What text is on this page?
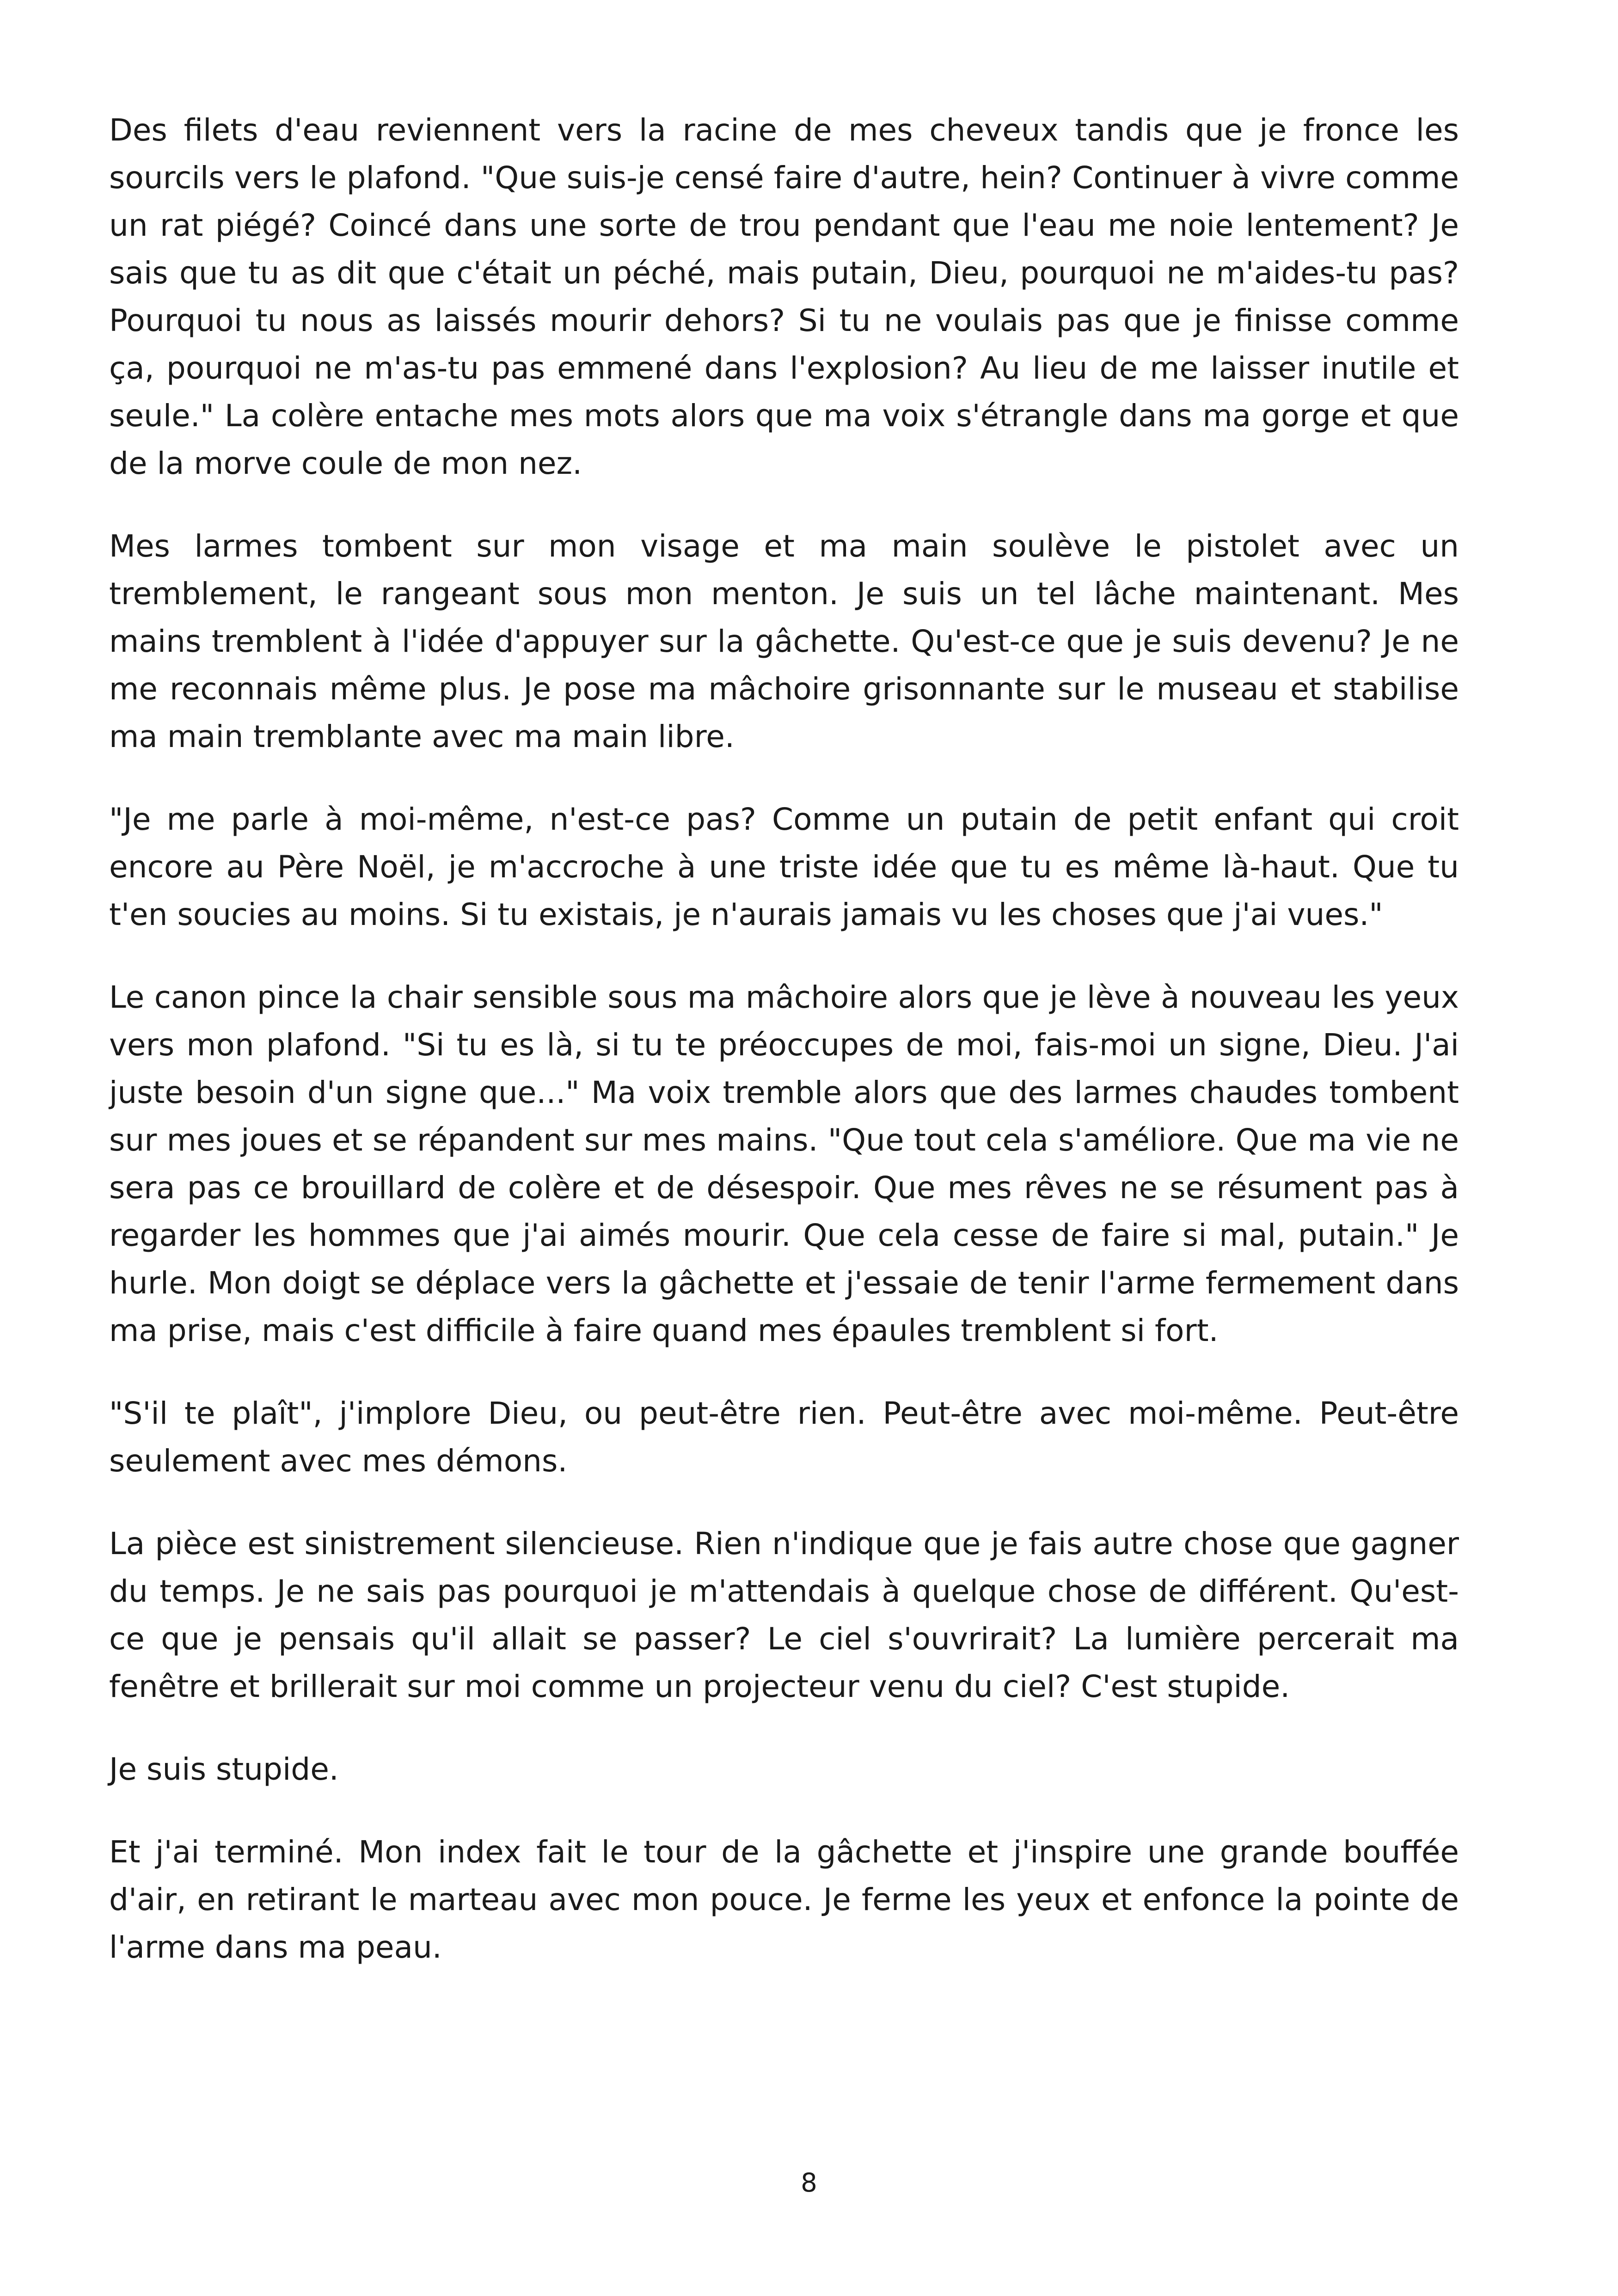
Des filets d'eau reviennent vers la racine de mes cheveux tandis que je fronce les sourcils vers le plafond. "Que suis-je censé faire d'autre, hein? Continuer à vivre comme un rat piégé? Coincé dans une sorte de trou pendant que l'eau me noie lentement? Je sais que tu as dit que c'était un péché, mais putain, Dieu, pourquoi ne m'aides-tu pas? Pourquoi tu nous as laissés mourir dehors? Si tu ne voulais pas que je finisse comme ça, pourquoi ne m'as-tu pas emmené dans l'explosion? Au lieu de me laisser inutile et seule." La colère entache mes mots alors que ma voix s'étrangle dans ma gorge et que de la morve coule de mon nez.

Mes larmes tombent sur mon visage et ma main soulève le pistolet avec un tremblement, le rangeant sous mon menton. Je suis un tel lâche maintenant. Mes mains tremblent à l'idée d'appuyer sur la gâchette. Qu'est-ce que je suis devenu? Je ne me reconnais même plus. Je pose ma mâchoire grisonnante sur le museau et stabilise ma main tremblante avec ma main libre.

"Je me parle à moi-même, n'est-ce pas? Comme un putain de petit enfant qui croit encore au Père Noël, je m'accroche à une triste idée que tu es même là-haut. Que tu t'en soucies au moins. Si tu existais, je n'aurais jamais vu les choses que j'ai vues."

Le canon pince la chair sensible sous ma mâchoire alors que je lève à nouveau les yeux vers mon plafond. "Si tu es là, si tu te préoccupes de moi, fais-moi un signe, Dieu. J'ai juste besoin d'un signe que..." Ma voix tremble alors que des larmes chaudes tombent sur mes joues et se répandent sur mes mains. "Que tout cela s'améliore. Que ma vie ne sera pas ce brouillard de colère et de désespoir. Que mes rêves ne se résument pas à regarder les hommes que j'ai aimés mourir. Que cela cesse de faire si mal, putain." Je hurle. Mon doigt se déplace vers la gâchette et j'essaie de tenir l'arme fermement dans ma prise, mais c'est difficile à faire quand mes épaules tremblent si fort.

"S'il te plaît", j'implore Dieu, ou peut-être rien. Peut-être avec moi-même. Peut-être seulement avec mes démons.

La pièce est sinistrement silencieuse. Rien n'indique que je fais autre chose que gagner du temps. Je ne sais pas pourquoi je m'attendais à quelque chose de différent. Qu'est-ce que je pensais qu'il allait se passer? Le ciel s'ouvrirait? La lumière percerait ma fenêtre et brillerait sur moi comme un projecteur venu du ciel? C'est stupide.

Je suis stupide.

Et j'ai terminé. Mon index fait le tour de la gâchette et j'inspire une grande bouffée d'air, en retirant le marteau avec mon pouce. Je ferme les yeux et enfonce la pointe de l'arme dans ma peau.

8
